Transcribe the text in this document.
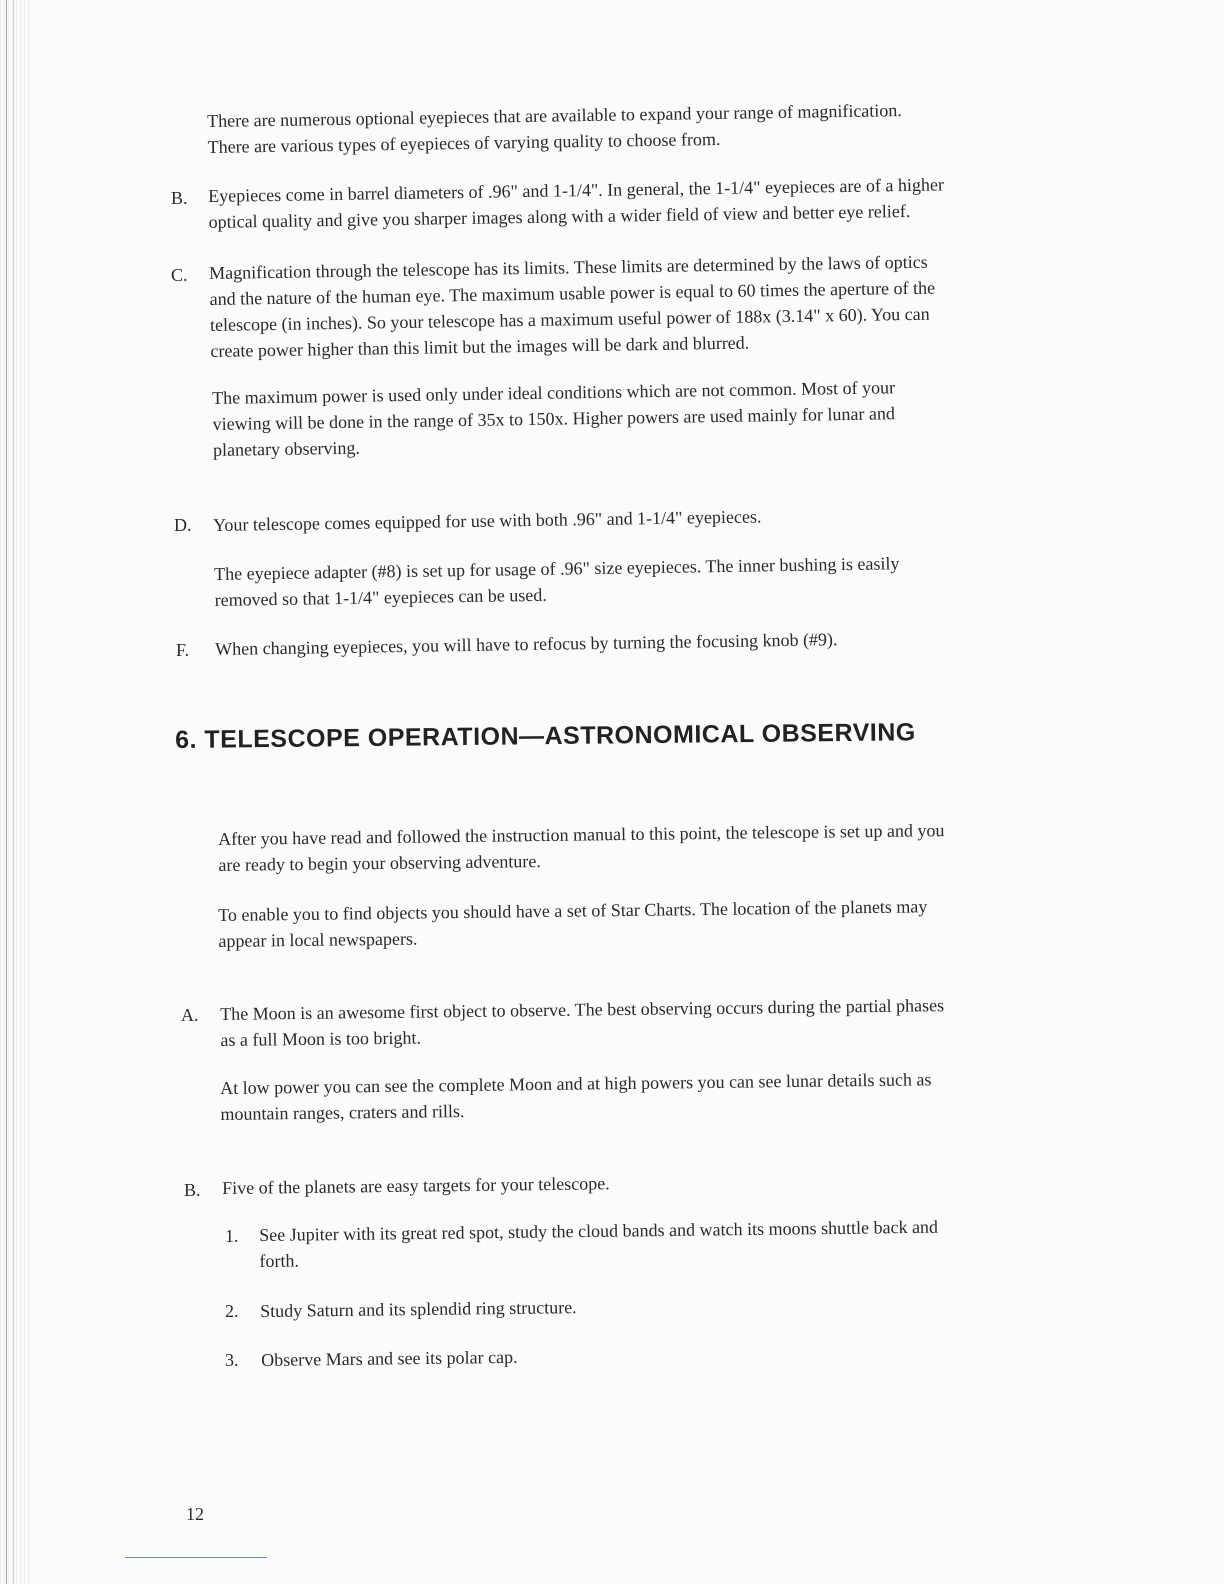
There are numerous optional eyepieces that are available to expand your range of magnification.

There are various types of eyepieces of varying quality to choose from.

B. Eyepieces come in barrel diameters of .96" and 1-1/4". In general, the 1-1/4" eyepieces are of a higher

optical quality and give you sharper images along with a wider field of view and better eye relief.

C. Magnification through the telescope has its limits. These limits are determined by the laws of optics

and the nature of the human eye. The maximum usable power is equal to 60 times the aperture of the

telescope (in inches). So your telescope has a maximum useful power of 188x (3.14" x 60). You can

create power higher than this limit but the images will be dark and blurred.

The maximum power is used only under ideal conditions which are not common. Most of your

viewing will be done in the range of 35x to 150x. Higher powers are used mainly for lunar and

planetary observing.

D. Your telescope comes equipped for use with both .96" and 1-1/4" eyepieces.

The eyepiece adapter (#8) is set up for usage of .96" size eyepieces. The inner bushing is easily

removed so that 1-1/4" eyepieces can be used.

F. When changing eyepieces, you will have to refocus by turning the focusing knob (#9).

6. TELESCOPE OPERATION—ASTRONOMICAL OBSERVING

After you have read and followed the instruction manual to this point, the telescope is set up and you

are ready to begin your observing adventure.

To enable you to find objects you should have a set of Star Charts. The location of the planets may

appear in local newspapers.

A. The Moon is an awesome first object to observe. The best observing occurs during the partial phases

as a full Moon is too bright.

At low power you can see the complete Moon and at high powers you can see lunar details such as

mountain ranges, craters and rills.

B. Five of the planets are easy targets for your telescope.

1. See Jupiter with its great red spot, study the cloud bands and watch its moons shuttle back and

forth.

2. Study Saturn and its splendid ring structure.

3. Observe Mars and see its polar cap.

12
